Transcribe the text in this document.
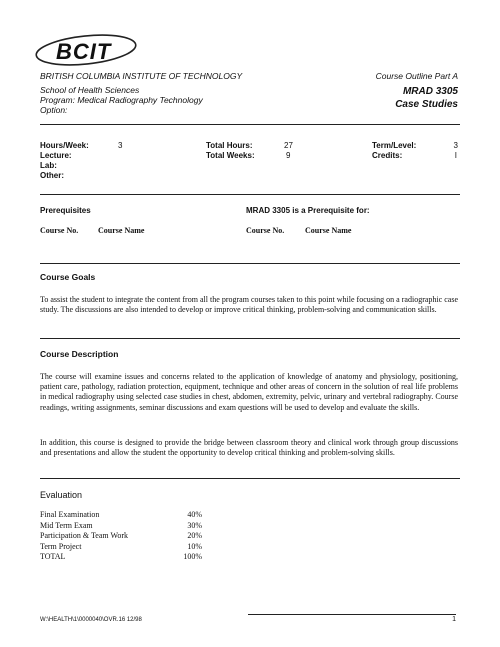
BCIT
BRITISH COLUMBIA INSTITUTE OF TECHNOLOGY	Course Outline Part A
School of Health Sciences
Program: Medical Radiography Technology
Option:
MRAD 3305
Case Studies
Hours/Week:	3
Lecture:
Lab:
Other:
Total Hours:	27
Total Weeks:	9
Term/Level:	3
Credits:	I
Prerequisites	MRAD 3305 is a Prerequisite for:
Course No. Course Name	Course No.	Course Name
Course Goals
To assist the student to integrate the content from all the program courses taken to this point while focusing on a radiographic case study. The discussions are also intended to develop or improve critical thinking, problem-solving and communication skills.
Course Description
The course will examine issues and concerns related to the application of knowledge of anatomy and physiology, positioning, patient care, pathology, radiation protection, equipment, technique and other areas of concern in the solution of real life problems in medical radiography using selected case studies in chest, abdomen, extremity, pelvic, urinary and vertebral radiography. Course readings, writing assignments, seminar discussions and exam questions will be used to develop and evaluate the skills.
In addition, this course is designed to provide the bridge between classroom theory and clinical work through group discussions and presentations and allow the student the opportunity to develop critical thinking and problem-solving skills.
Evaluation
Final Examination	40%
Mid Term Exam	30%
Participation & Team Work	20%
Term Project	10%
TOTAL	100%
W:\HEALTH\1\0000040\OVR.16 12/98	1
